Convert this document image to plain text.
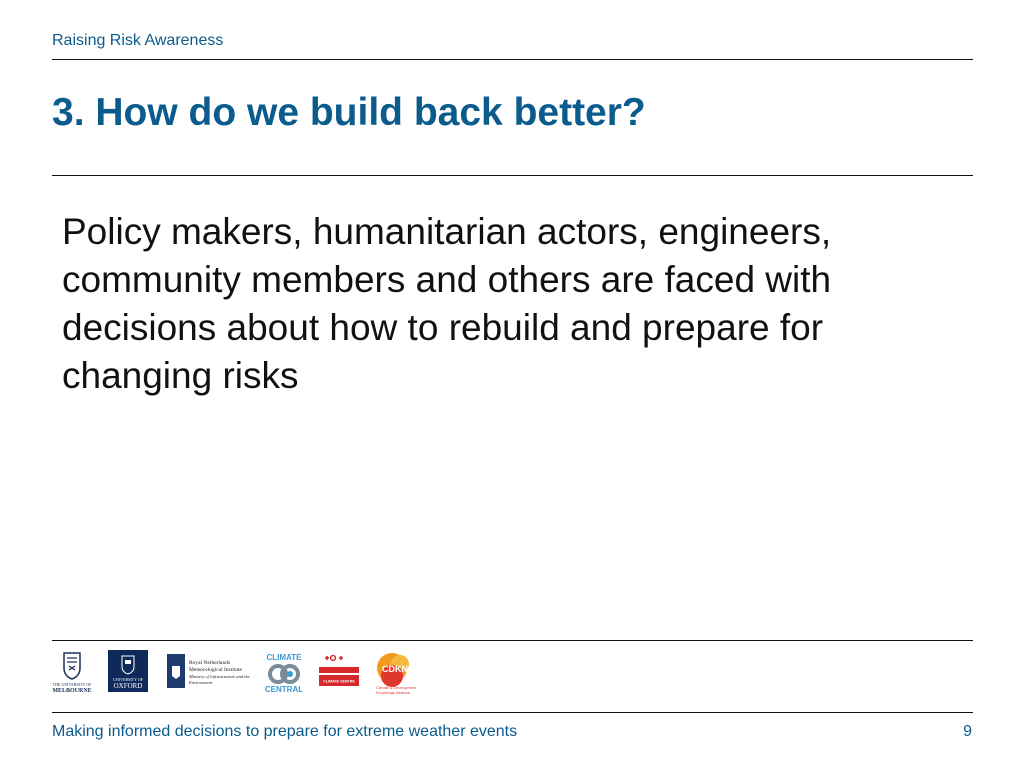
Raising Risk Awareness
3. How do we build back better?

Policy makers, humanitarian actors, engineers, community members and others are faced with decisions about how to rebuild and prepare for changing risks

THE UNIVERSITY OF
MELBOURNE
UNIVERSITY OF
OXFORD
Royal Netherlands
Meteorological Institute
Ministry of Infrastructure and the
Environment
CLIMATE
CENTRAL
CLIMATE CENTRE
CDKN
Climate & Development
Knowledge Network
Making informed decisions to prepare for extreme weather events	9
